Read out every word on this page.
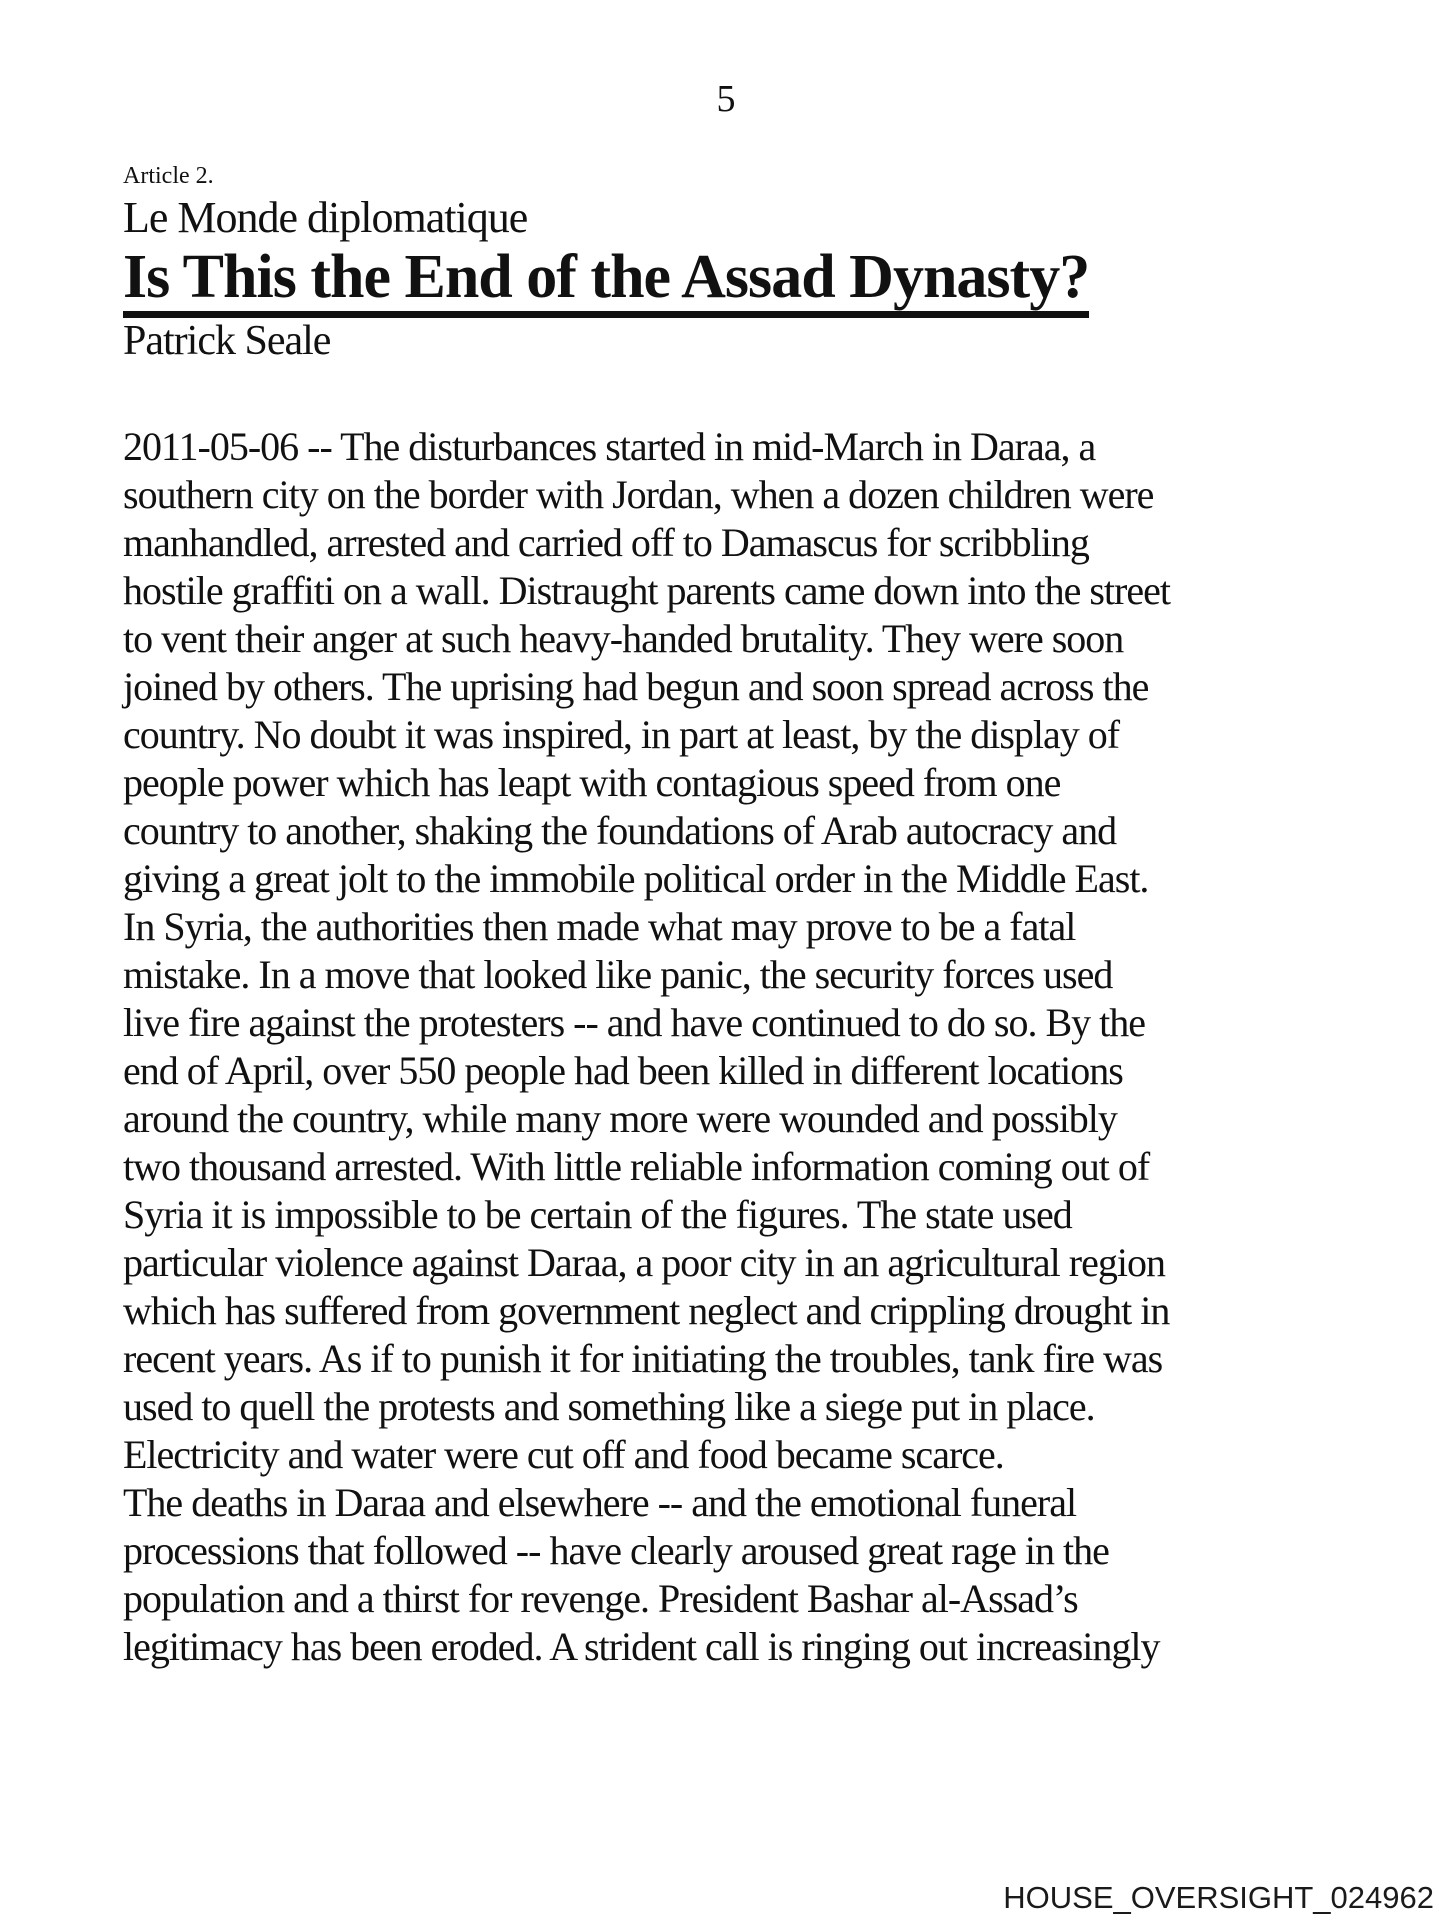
5
Article 2.
Le Monde diplomatique
Is This the End of the Assad Dynasty?
Patrick Seale
2011-05-06 -- The disturbances started in mid-March in Daraa, a
southern city on the border with Jordan, when a dozen children were
manhandled, arrested and carried off to Damascus for scribbling
hostile graffiti on a wall. Distraught parents came down into the street
to vent their anger at such heavy-handed brutality. They were soon
joined by others. The uprising had begun and soon spread across the
country. No doubt it was inspired, in part at least, by the display of
people power which has leapt with contagious speed from one
country to another, shaking the foundations of Arab autocracy and
giving a great jolt to the immobile political order in the Middle East.
In Syria, the authorities then made what may prove to be a fatal
mistake. In a move that looked like panic, the security forces used
live fire against the protesters -- and have continued to do so. By the
end of April, over 550 people had been killed in different locations
around the country, while many more were wounded and possibly
two thousand arrested. With little reliable information coming out of
Syria it is impossible to be certain of the figures. The state used
particular violence against Daraa, a poor city in an agricultural region
which has suffered from government neglect and crippling drought in
recent years. As if to punish it for initiating the troubles, tank fire was
used to quell the protests and something like a siege put in place.
Electricity and water were cut off and food became scarce.
The deaths in Daraa and elsewhere -- and the emotional funeral
processions that followed -- have clearly aroused great rage in the
population and a thirst for revenge. President Bashar al-Assad’s
legitimacy has been eroded. A strident call is ringing out increasingly
HOUSE_OVERSIGHT_024962
